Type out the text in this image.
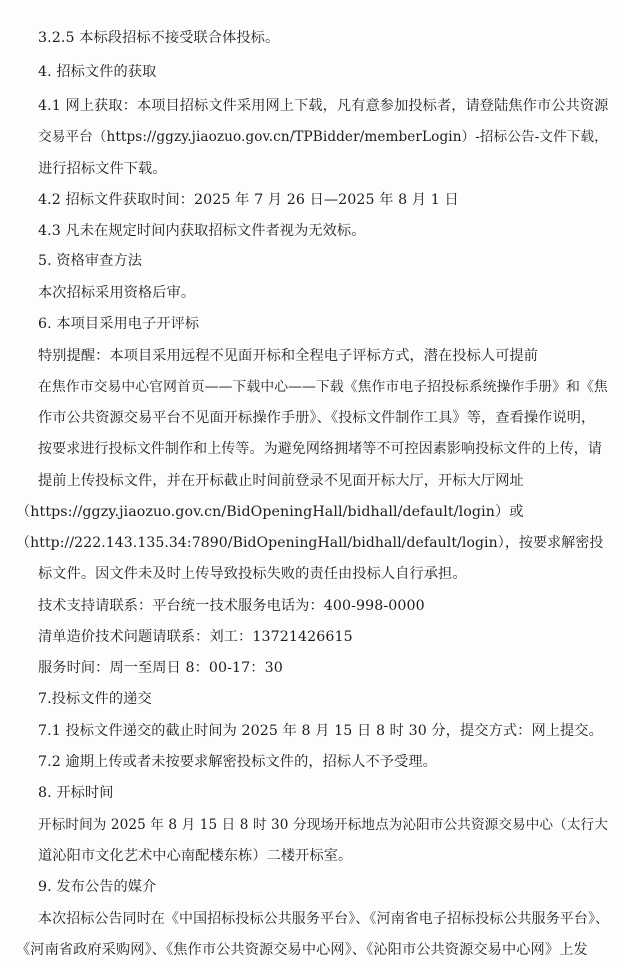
3.2.5 本标段招标不接受联合体投标。
4. 招标文件的获取
4.1 网上获取：本项目招标文件采用网上下载，凡有意参加投标者，请登陆焦作市公共资源
交易平台（https://ggzy.jiaozuo.gov.cn/TPBidder/memberLogin）-招标公告-文件下载，
进行招标文件下载。
4.2 招标文件获取时间：2025 年 7 月 26 日—2025 年 8 月 1 日
4.3 凡未在规定时间内获取招标文件者视为无效标。
5. 资格审查方法
本次招标采用资格后审。
6. 本项目采用电子开评标
特别提醒：本项目采用远程不见面开标和全程电子评标方式，潜在投标人可提前
在焦作市交易中心官网首页——下载中心——下载《焦作市电子招投标系统操作手册》和《焦
作市公共资源交易平台不见面开标操作手册》、《投标文件制作工具》等，查看操作说明，
按要求进行投标文件制作和上传等。为避免网络拥堵等不可控因素影响投标文件的上传，请
提前上传投标文件，并在开标截止时间前登录不见面开标大厅，开标大厅网址
（https://ggzy.jiaozuo.gov.cn/BidOpeningHall/bidhall/default/login）或
（http://222.143.135.34:7890/BidOpeningHall/bidhall/default/login），按要求解密投
标文件。因文件未及时上传导致投标失败的责任由投标人自行承担。
技术支持请联系：平台统一技术服务电话为：400-998-0000
清单造价技术问题请联系：刘工：13721426615
服务时间：周一至周日 8：00-17：30
7.投标文件的递交
7.1 投标文件递交的截止时间为 2025 年 8 月 15 日 8 时 30 分，提交方式：网上提交。
7.2 逾期上传或者未按要求解密投标文件的，招标人不予受理。
8. 开标时间
开标时间为 2025 年 8 月 15 日 8 时 30 分现场开标地点为沁阳市公共资源交易中心（太行大
道沁阳市文化艺术中心南配楼东栋）二楼开标室。
9. 发布公告的媒介
本次招标公告同时在《中国招标投标公共服务平台》、《河南省电子招标投标公共服务平台》、
《河南省政府采购网》、《焦作市公共资源交易中心网》、《沁阳市公共资源交易中心网》上发
